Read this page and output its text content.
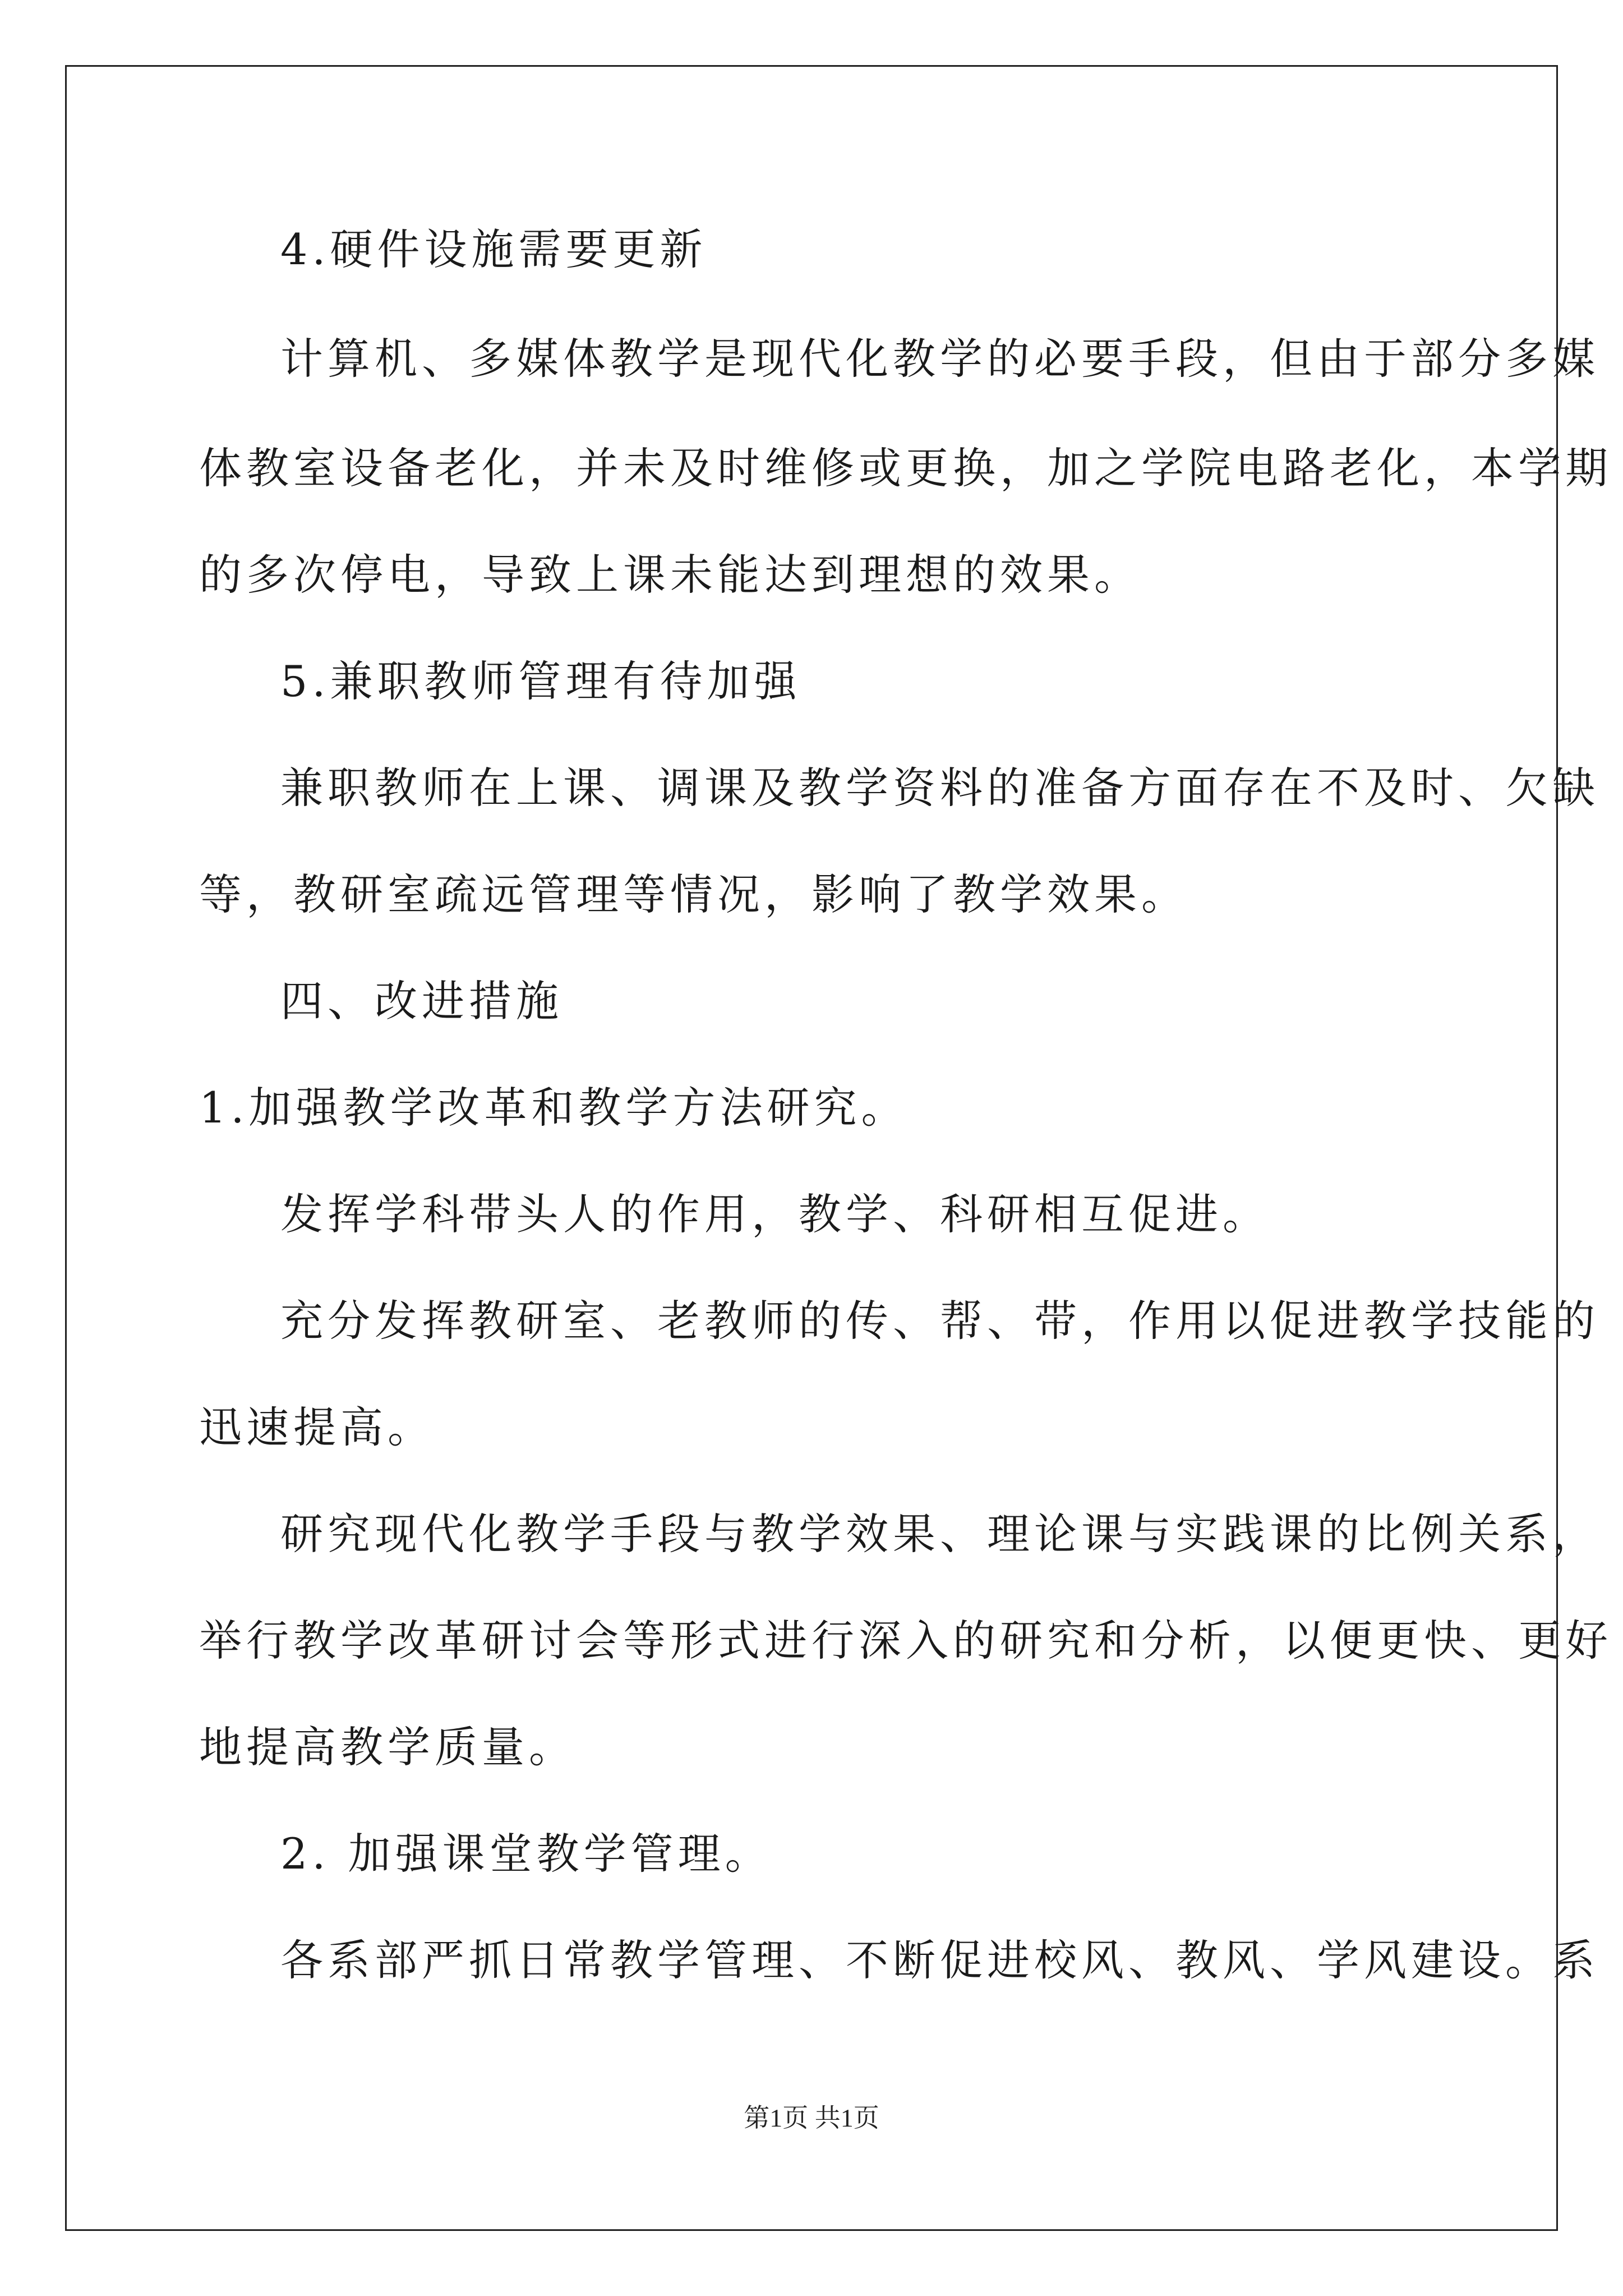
4.硬件设施需要更新
计算机、多媒体教学是现代化教学的必要手段，但由于部分多媒
体教室设备老化，并未及时维修或更换，加之学院电路老化，本学期
的多次停电，导致上课未能达到理想的效果。
5.兼职教师管理有待加强
兼职教师在上课、调课及教学资料的准备方面存在不及时、欠缺
等，教研室疏远管理等情况，影响了教学效果。
四、改进措施
1.加强教学改革和教学方法研究。
发挥学科带头人的作用，教学、科研相互促进。
充分发挥教研室、老教师的传、帮、带，作用以促进教学技能的
迅速提高。
研究现代化教学手段与教学效果、理论课与实践课的比例关系，
举行教学改革研讨会等形式进行深入的研究和分析，以便更快、更好
地提高教学质量。
2. 加强课堂教学管理。
各系部严抓日常教学管理、不断促进校风、教风、学风建设。系
第1页 共1页
